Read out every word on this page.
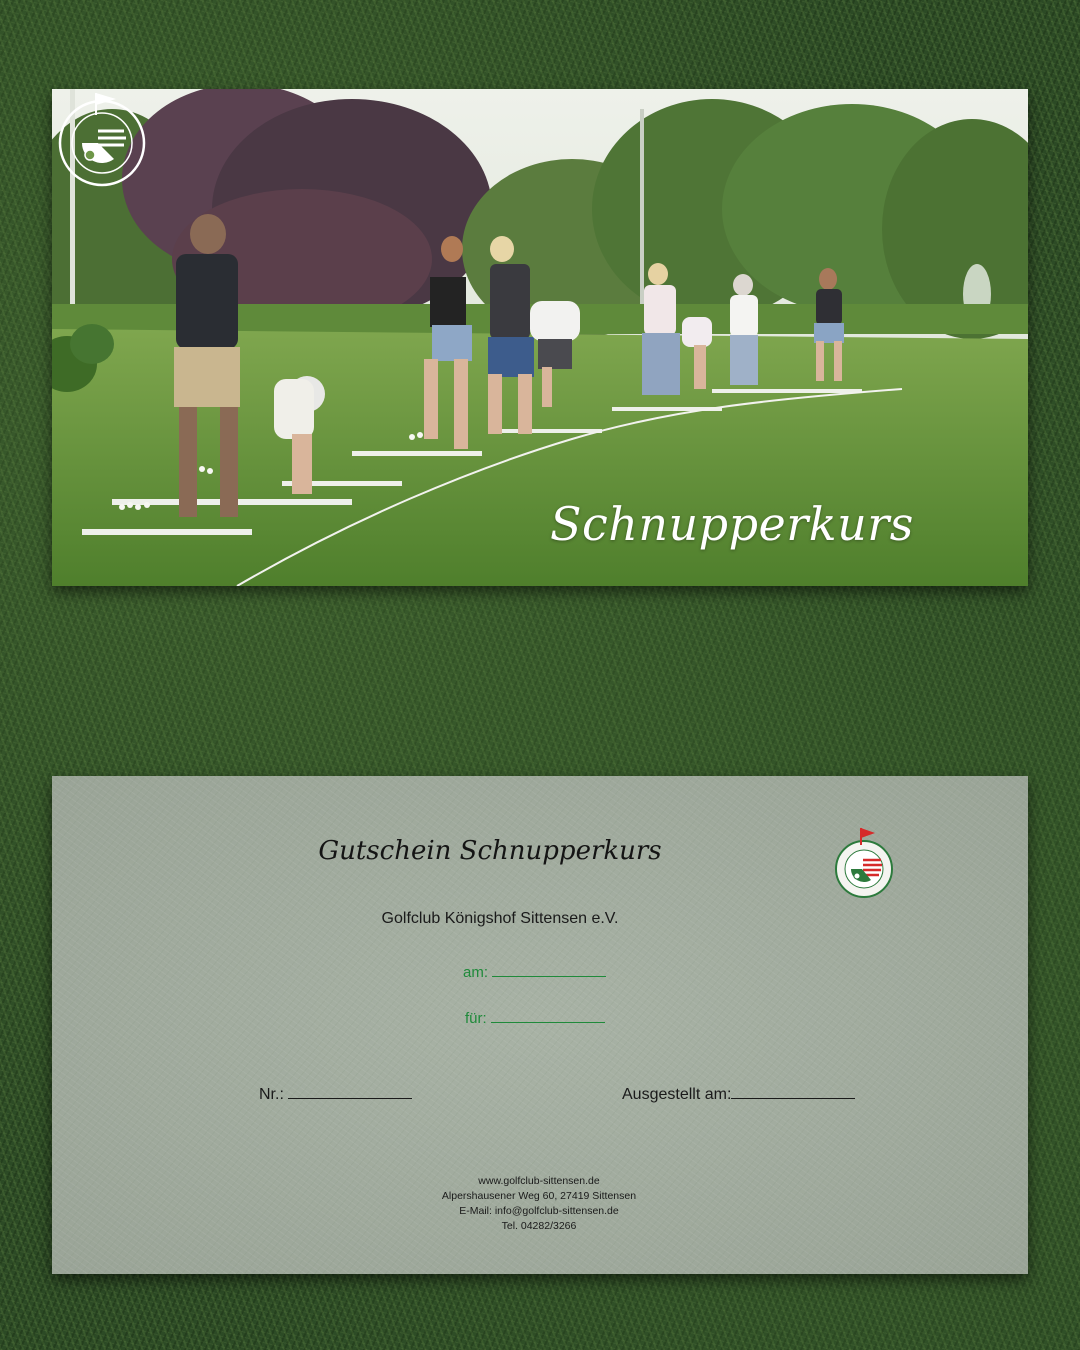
Schnupperkurs
Gutschein Schnupperkurs
Golfclub Königshof Sittensen e.V.
am:
für:
Nr.:	Ausgestellt am:
www.golfclub-sittensen.de
Alpershausener Weg 60, 27419 Sittensen
E-Mail: info@golfclub-sittensen.de
Tel. 04282/3266
